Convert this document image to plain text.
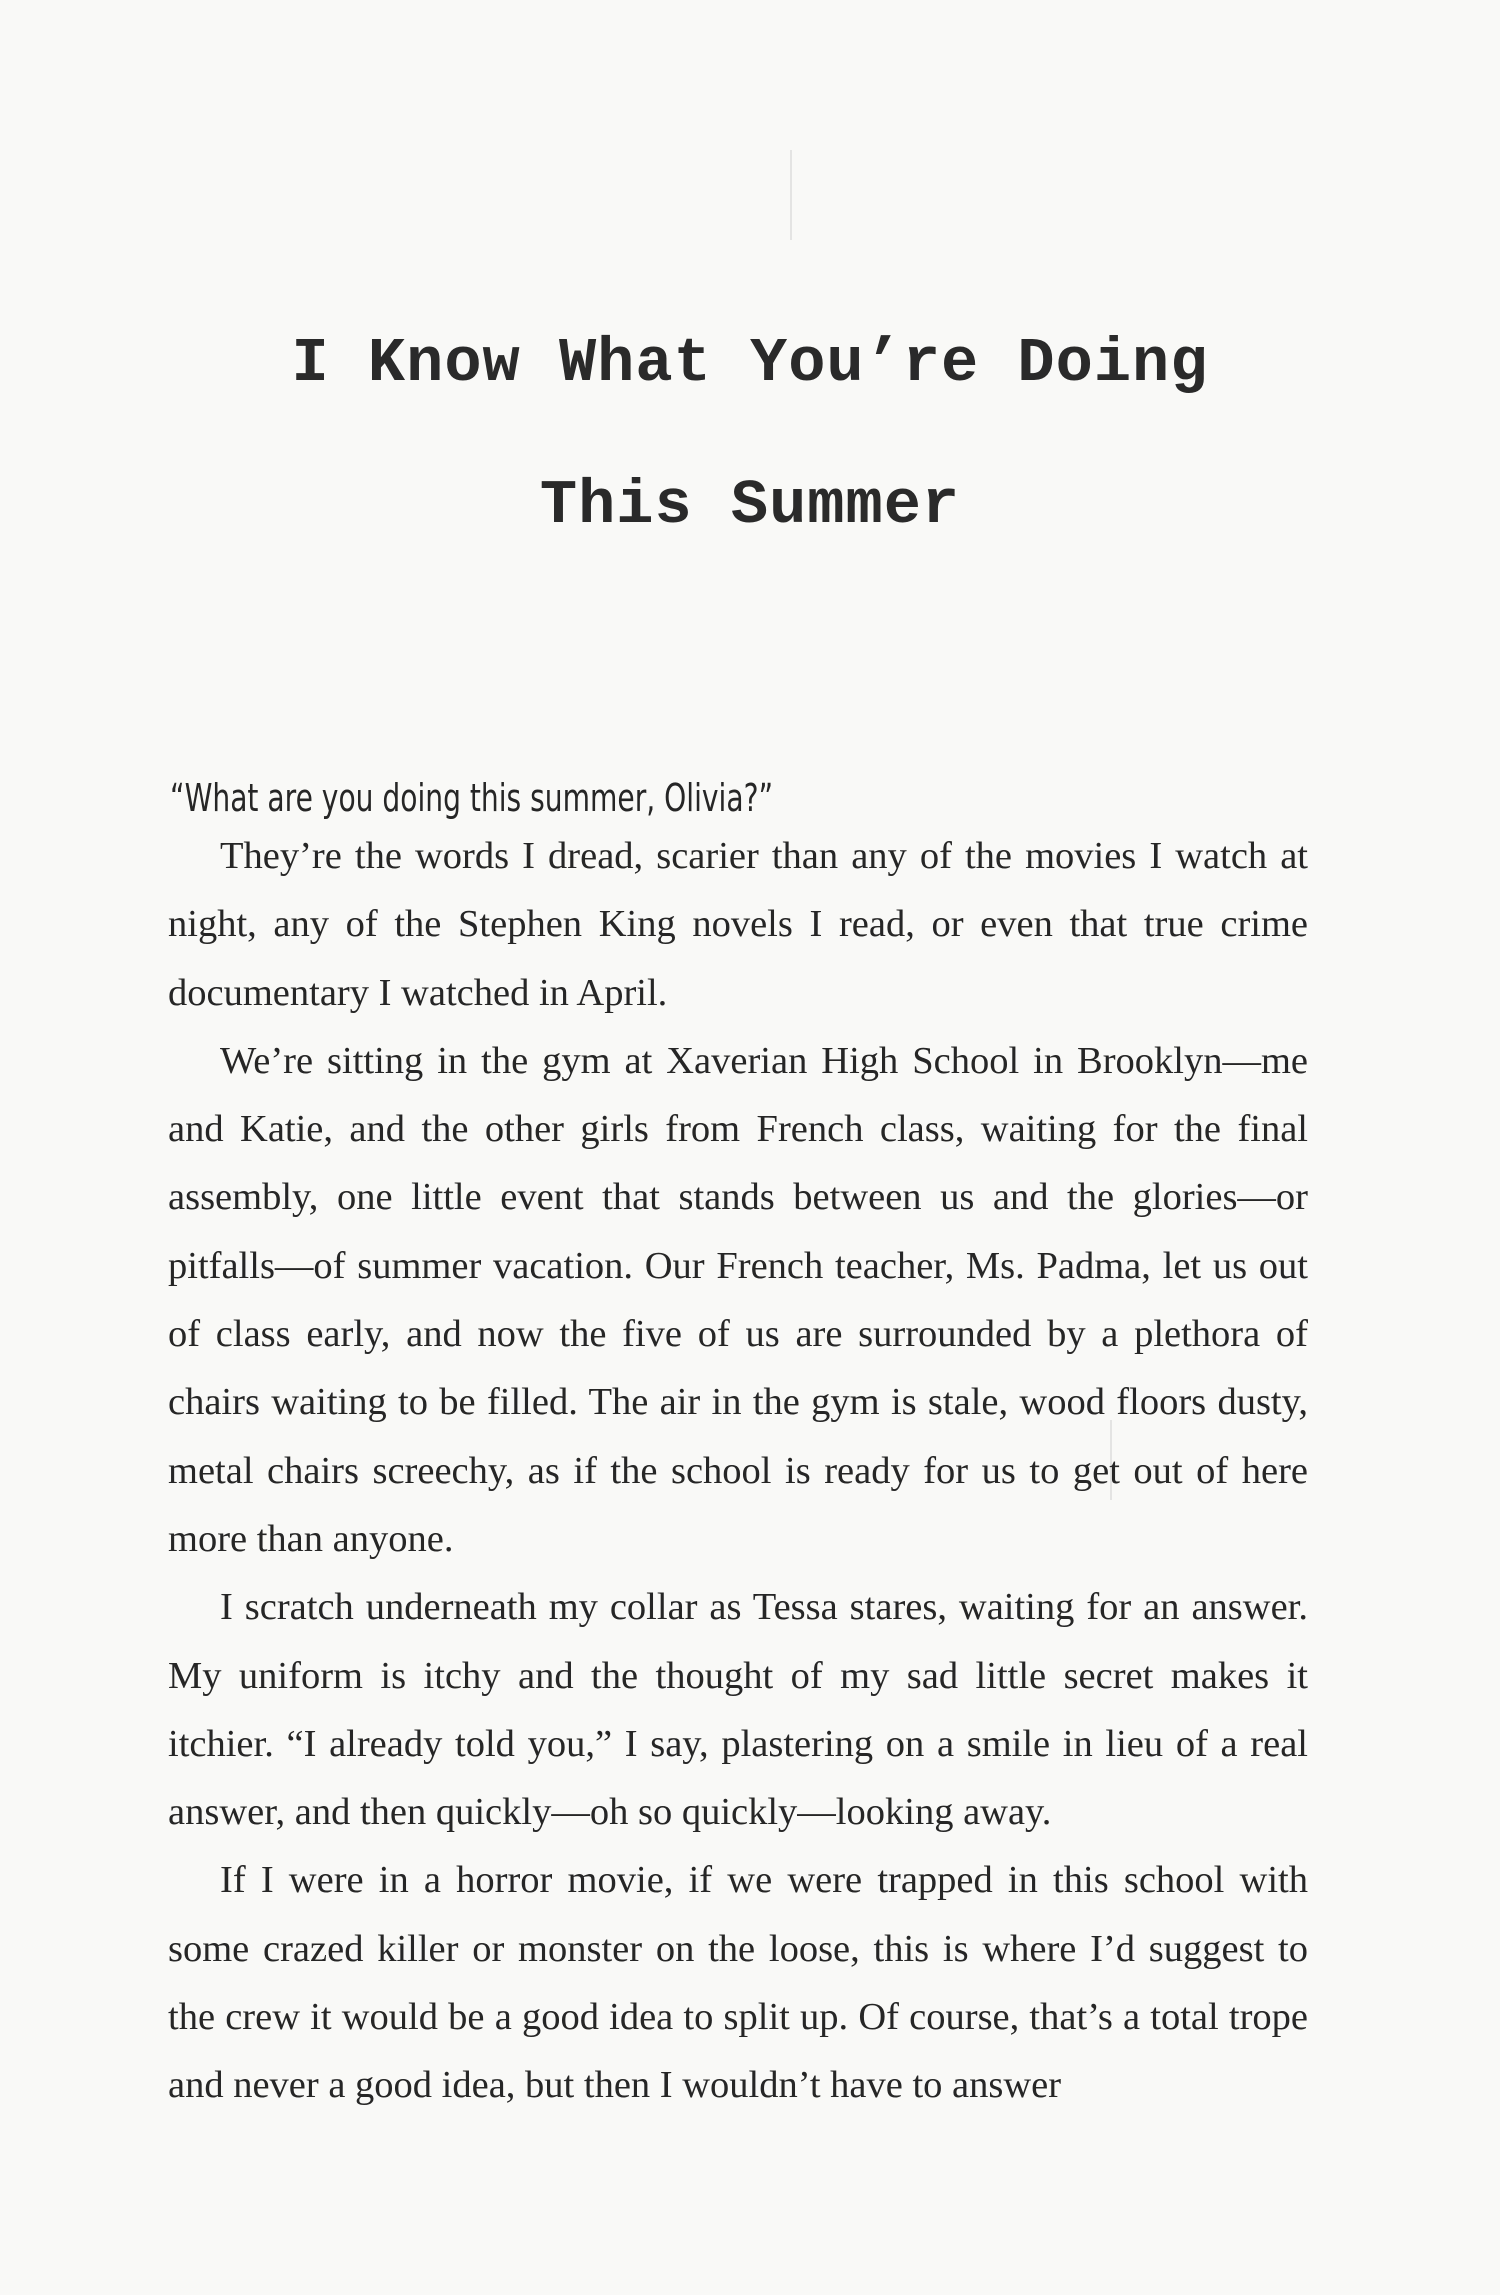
I Know What You’re Doing
This Summer

“What are you doing this summer, Olivia?”

They’re the words I dread, scarier than any of the movies I watch at night, any of the Stephen King novels I read, or even that true crime documentary I watched in April.

We’re sitting in the gym at Xaverian High School in Brooklyn—me and Katie, and the other girls from French class, waiting for the final assembly, one little event that stands between us and the glories—or pitfalls—of summer vacation. Our French teacher, Ms. Padma, let us out of class early, and now the five of us are surrounded by a plethora of chairs waiting to be filled. The air in the gym is stale, wood floors dusty, metal chairs screechy, as if the school is ready for us to get out of here more than anyone.

I scratch underneath my collar as Tessa stares, waiting for an answer. My uniform is itchy and the thought of my sad little secret makes it itchier. “I already told you,” I say, plastering on a smile in lieu of a real answer, and then quickly—oh so quickly—looking away.

If I were in a horror movie, if we were trapped in this school with some crazed killer or monster on the loose, this is where I’d suggest to the crew it would be a good idea to split up. Of course, that’s a total trope and never a good idea, but then I wouldn’t have to answer
